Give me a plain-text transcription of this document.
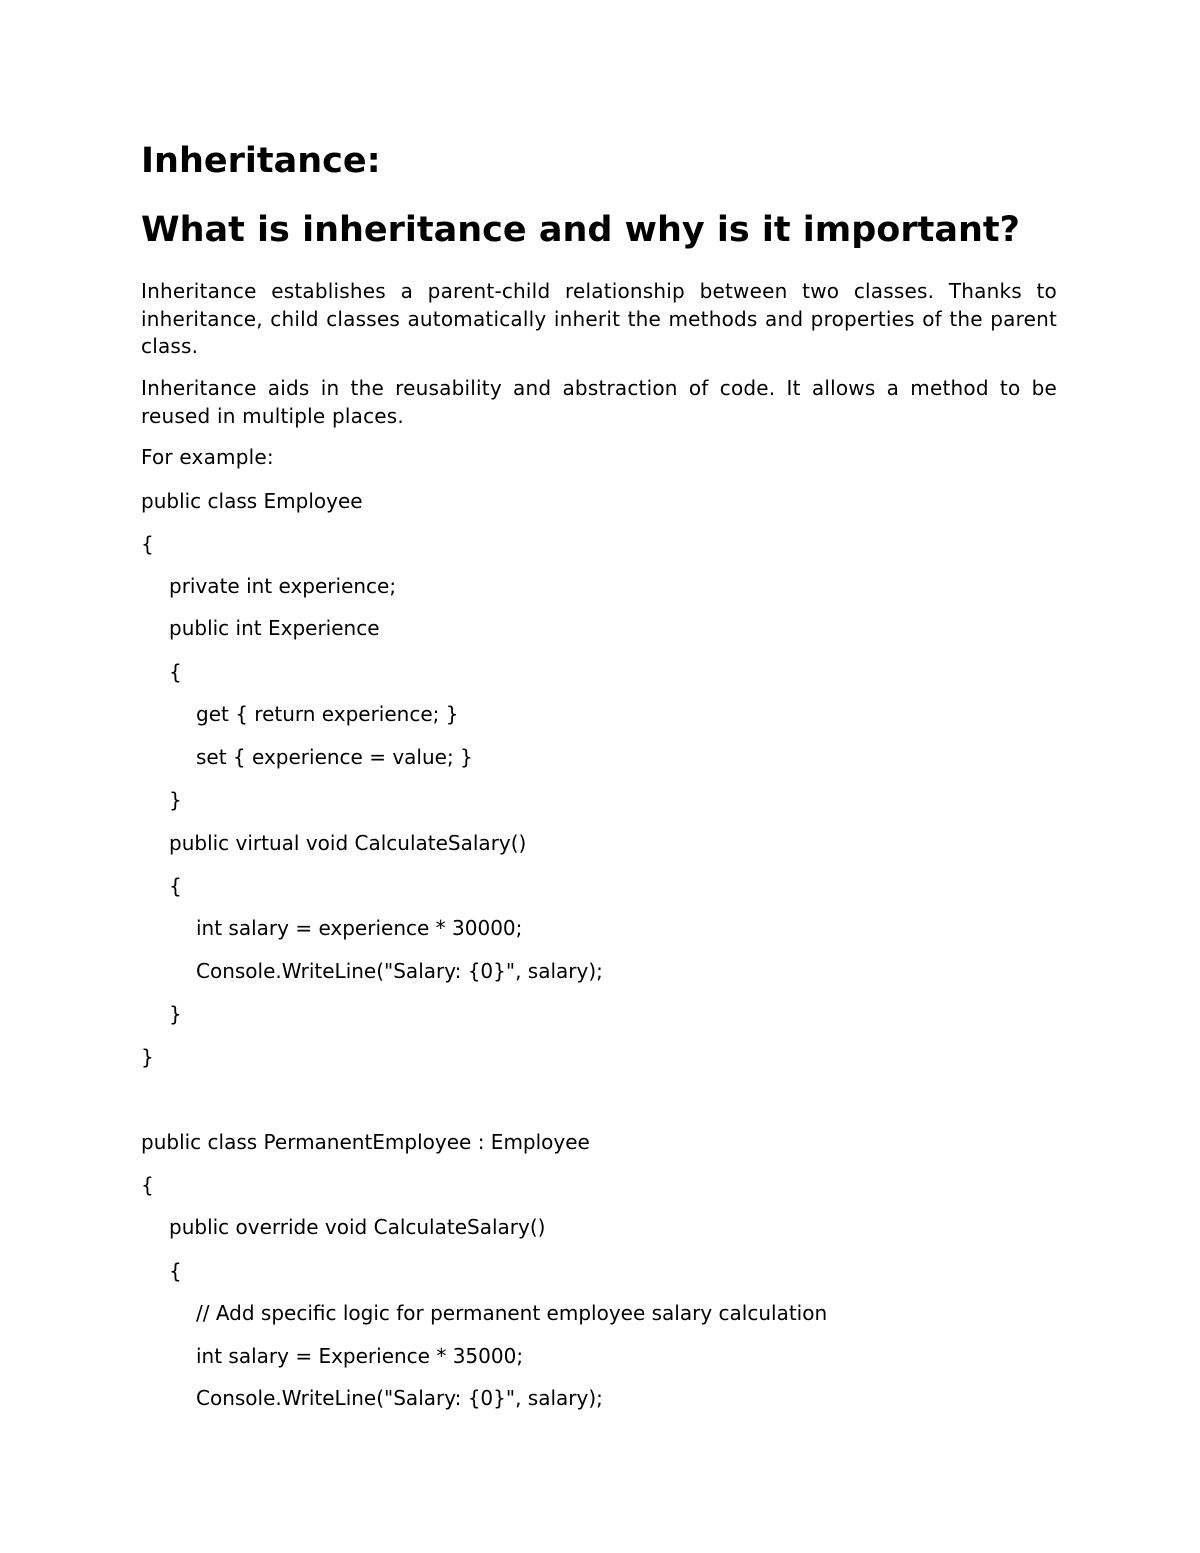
Inheritance:
What is inheritance and why is it important?

Inheritance establishes a parent-child relationship between two classes. Thanks to inheritance, child classes automatically inherit the methods and properties of the parent class.

Inheritance aids in the reusability and abstraction of code. It allows a method to be reused in multiple places.

For example:

public class Employee
{
private int experience;
public int Experience
{
get { return experience; }
set { experience = value; }
}
public virtual void CalculateSalary()
{
int salary = experience * 30000;
Console.WriteLine("Salary: {0}", salary);
}
}
public class PermanentEmployee : Employee
{
public override void CalculateSalary()
{
// Add specific logic for permanent employee salary calculation
int salary = Experience * 35000;
Console.WriteLine("Salary: {0}", salary);
